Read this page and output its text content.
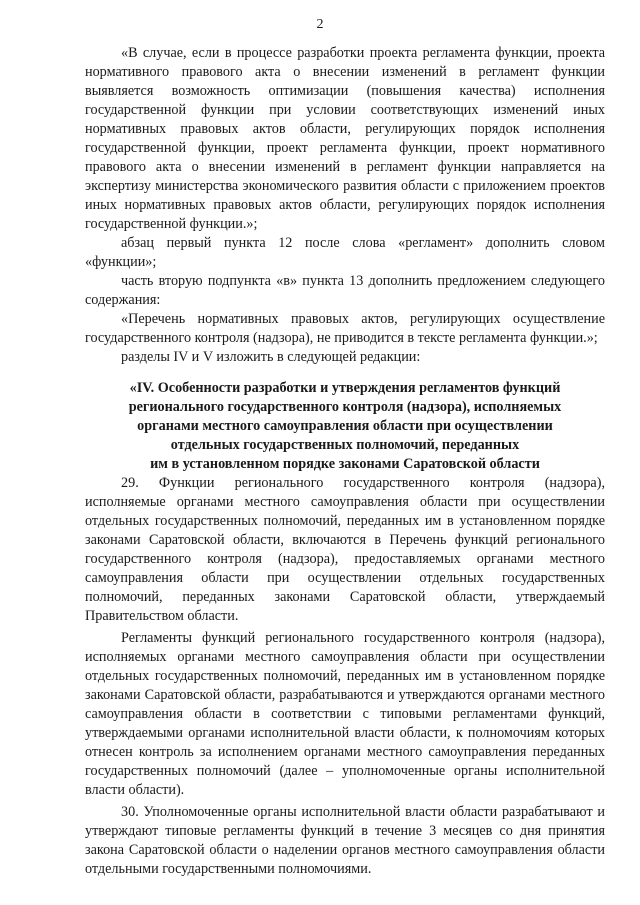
2

«В случае, если в процессе разработки проекта регламента функции, проекта нормативного правового акта о внесении изменений в регламент функции выявляется возможность оптимизации (повышения качества) исполнения государственной функции при условии соответствующих изменений иных нормативных правовых актов области, регулирующих порядок исполнения государственной функции, проект регламента функции, проект нормативного правового акта о внесении изменений в регламент функции направляется на экспертизу министерства экономического развития области с приложением проектов иных нормативных правовых актов области, регулирующих порядок исполнения государственной функции.»;

абзац первый пункта 12 после слова «регламент» дополнить словом «функции»;

часть вторую подпункта «в» пункта 13 дополнить предложением следующего содержания:

«Перечень нормативных правовых актов, регулирующих осуществление государственного контроля (надзора), не приводится в тексте регламента функции.»;

разделы IV и V изложить в следующей редакции:

«IV. Особенности разработки и утверждения регламентов функций
регионального государственного контроля (надзора), исполняемых
органами местного самоуправления области при осуществлении
отдельных государственных полномочий, переданных
им в установленном порядке законами Саратовской области

29. Функции регионального государственного контроля (надзора), исполняемые органами местного самоуправления области при осуществлении отдельных государственных полномочий, переданных им в установленном порядке законами Саратовской области, включаются в Перечень функций регионального государственного контроля (надзора), предоставляемых органами местного самоуправления области при осуществлении отдельных государственных полномочий, переданных законами Саратовской области, утверждаемый Правительством области.

Регламенты функций регионального государственного контроля (надзора), исполняемых органами местного самоуправления области при осуществлении отдельных государственных полномочий, переданных им в установленном порядке законами Саратовской области, разрабатываются и утверждаются органами местного самоуправления области в соответствии с типовыми регламентами функций, утверждаемыми органами исполнительной власти области, к полномочиям которых отнесен контроль за исполнением органами местного самоуправления переданных государственных полномочий (далее – уполномоченные органы исполнительной власти области).

30. Уполномоченные органы исполнительной власти области разрабатывают и утверждают типовые регламенты функций в течение 3 месяцев со дня принятия закона Саратовской области о наделении органов местного самоуправления области отдельными государственными полномочиями.
